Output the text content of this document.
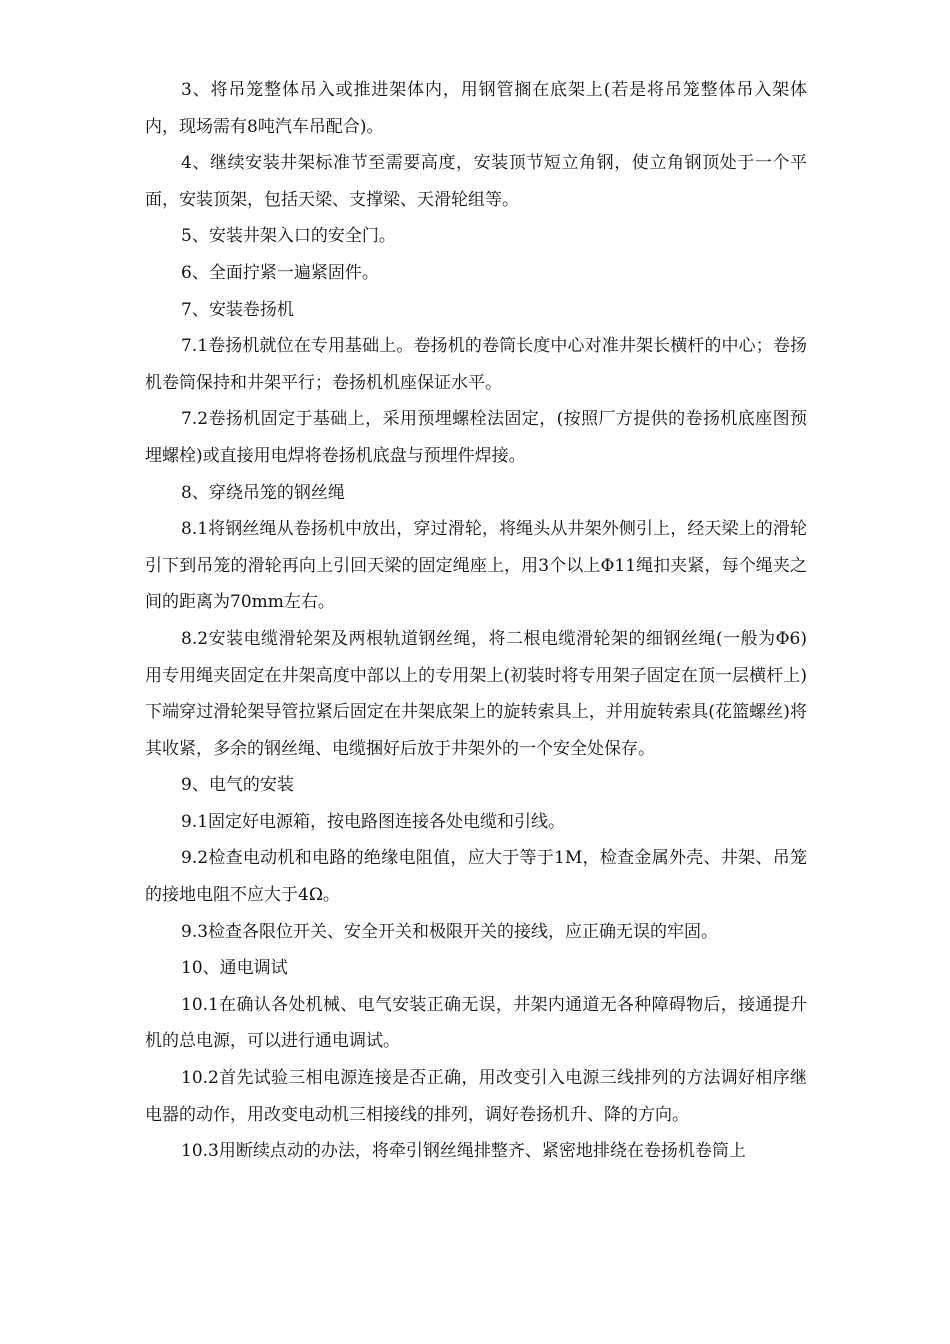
3、将吊笼整体吊入或推进架体内，用钢管搁在底架上(若是将吊笼整体吊入架体内，现场需有8吨汽车吊配合)。

4、继续安装井架标准节至需要高度，安装顶节短立角钢，使立角钢顶处于一个平面，安装顶架，包括天梁、支撑梁、天滑轮组等。

5、安装井架入口的安全门。

6、全面拧紧一遍紧固件。

7、安装卷扬机

7.1卷扬机就位在专用基础上。卷扬机的卷筒长度中心对准井架长横杆的中心；卷扬机卷筒保持和井架平行；卷扬机机座保证水平。

7.2卷扬机固定于基础上，采用预埋螺栓法固定，(按照厂方提供的卷扬机底座图预埋螺栓)或直接用电焊将卷扬机底盘与预埋件焊接。

8、穿绕吊笼的钢丝绳

8.1将钢丝绳从卷扬机中放出，穿过滑轮，将绳头从井架外侧引上，经天梁上的滑轮引下到吊笼的滑轮再向上引回天梁的固定绳座上，用3个以上Φ11绳扣夹紧，每个绳夹之间的距离为70mm左右。

8.2安装电缆滑轮架及两根轨道钢丝绳，将二根电缆滑轮架的细钢丝绳(一般为Φ6)用专用绳夹固定在井架高度中部以上的专用架上(初装时将专用架子固定在顶一层横杆上)下端穿过滑轮架导管拉紧后固定在井架底架上的旋转索具上，并用旋转索具(花篮螺丝)将其收紧，多余的钢丝绳、电缆捆好后放于井架外的一个安全处保存。

9、电气的安装

9.1固定好电源箱，按电路图连接各处电缆和引线。

9.2检查电动机和电路的绝缘电阻值，应大于等于1M，检查金属外壳、井架、吊笼的接地电阻不应大于4Ω。

9.3检查各限位开关、安全开关和极限开关的接线，应正确无误的牢固。

10、通电调试

10.1在确认各处机械、电气安装正确无误，井架内通道无各种障碍物后，接通提升机的总电源，可以进行通电调试。

10.2首先试验三相电源连接是否正确，用改变引入电源三线排列的方法调好相序继电器的动作，用改变电动机三相接线的排列，调好卷扬机升、降的方向。

10.3用断续点动的办法，将牵引钢丝绳排整齐、紧密地排绕在卷扬机卷筒上
